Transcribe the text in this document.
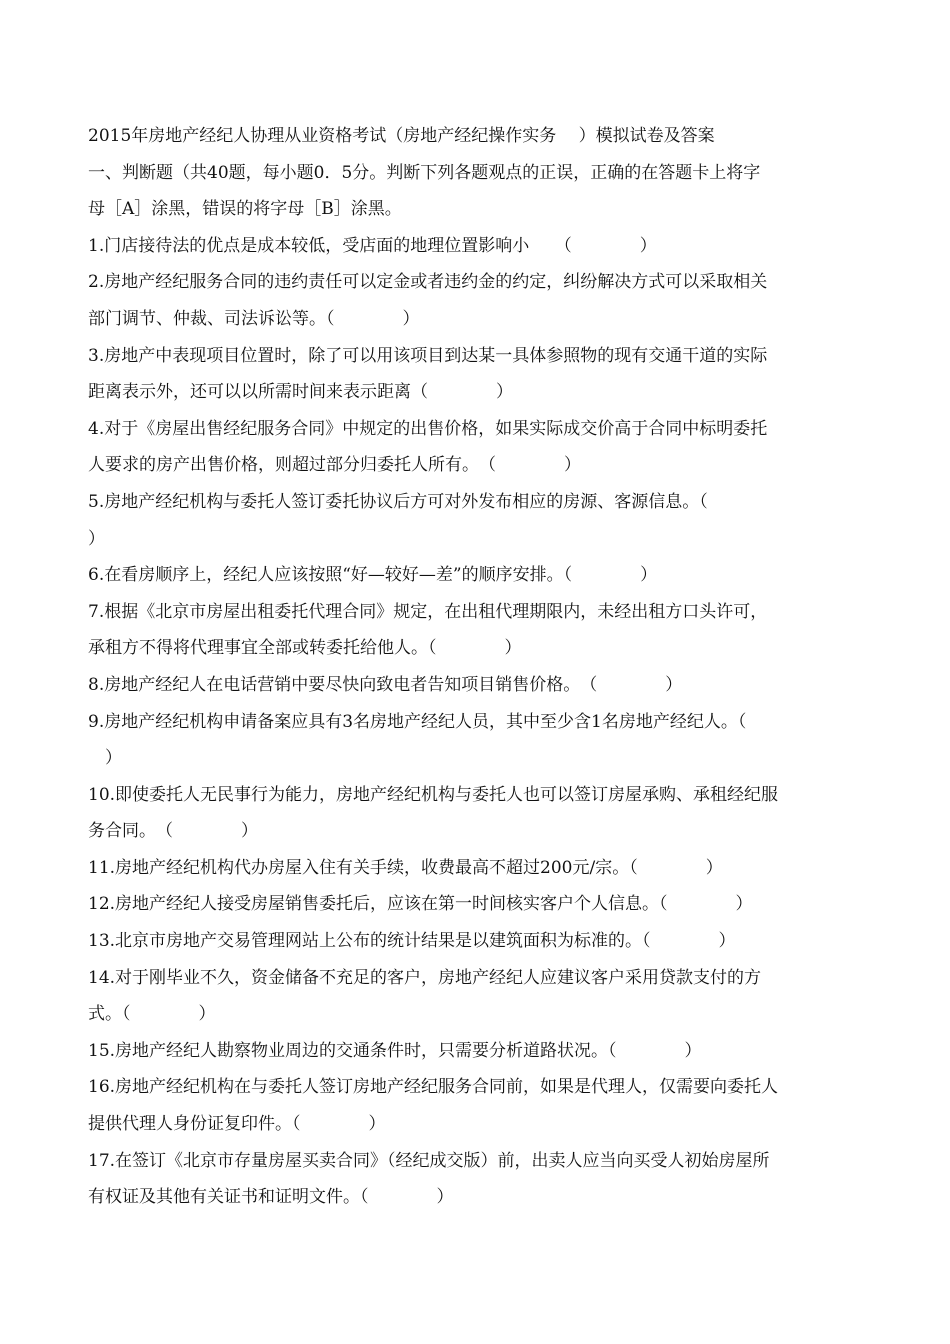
2015年房地产经纪人协理从业资格考试（房地产经纪操作实务　 ）模拟试卷及答案
一、判断题（共40题，每小题0．5分。判断下列各题观点的正误，正确的在答题卡上将字
母［A］涂黑，错误的将字母［B］涂黑。
1.门店接待法的优点是成本较低，受店面的地理位置影响小　　（　　　　）
2.房地产经纪服务合同的违约责任可以定金或者违约金的约定，纠纷解决方式可以采取相关
部门调节、仲裁、司法诉讼等。（　　　　）
3.房地产中表现项目位置时，除了可以用该项目到达某一具体参照物的现有交通干道的实际
距离表示外，还可以以所需时间来表示距离（　　　　）
4.对于《房屋出售经纪服务合同》中规定的出售价格，如果实际成交价高于合同中标明委托
人要求的房产出售价格，则超过部分归委托人所有。　（　　　　）
5.房地产经纪机构与委托人签订委托协议后方可对外发布相应的房源、客源信息。（
）
6.在看房顺序上，经纪人应该按照“好—较好—差”的顺序安排。（　　　　）
7.根据《北京市房屋出租委托代理合同》规定，在出租代理期限内，未经出租方口头许可，
承租方不得将代理事宜全部或转委托给他人。（　　　　）
8.房地产经纪人在电话营销中要尽快向致电者告知项目销售价格。　（　　　　）
9.房地产经纪机构申请备案应具有3名房地产经纪人员，其中至少含1名房地产经纪人。（
　）
10.即使委托人无民事行为能力，房地产经纪机构与委托人也可以签订房屋承购、承租经纪服
务合同。　（　　　　）
11.房地产经纪机构代办房屋入住有关手续，收费最高不超过200元/宗。（　　　　）
12.房地产经纪人接受房屋销售委托后，应该在第一时间核实客户个人信息。（　　　　）
13.北京市房地产交易管理网站上公布的统计结果是以建筑面积为标准的。（　　　　）
14.对于刚毕业不久，资金储备不充足的客户，房地产经纪人应建议客户采用贷款支付的方
式。（　　　　）
15.房地产经纪人勘察物业周边的交通条件时，只需要分析道路状况。（　　　　）
16.房地产经纪机构在与委托人签订房地产经纪服务合同前，如果是代理人，仅需要向委托人
提供代理人身份证复印件。（　　　　）
17.在签订《北京市存量房屋买卖合同》（经纪成交版）前，出卖人应当向买受人初始房屋所
有权证及其他有关证书和证明文件。（　　　　）
